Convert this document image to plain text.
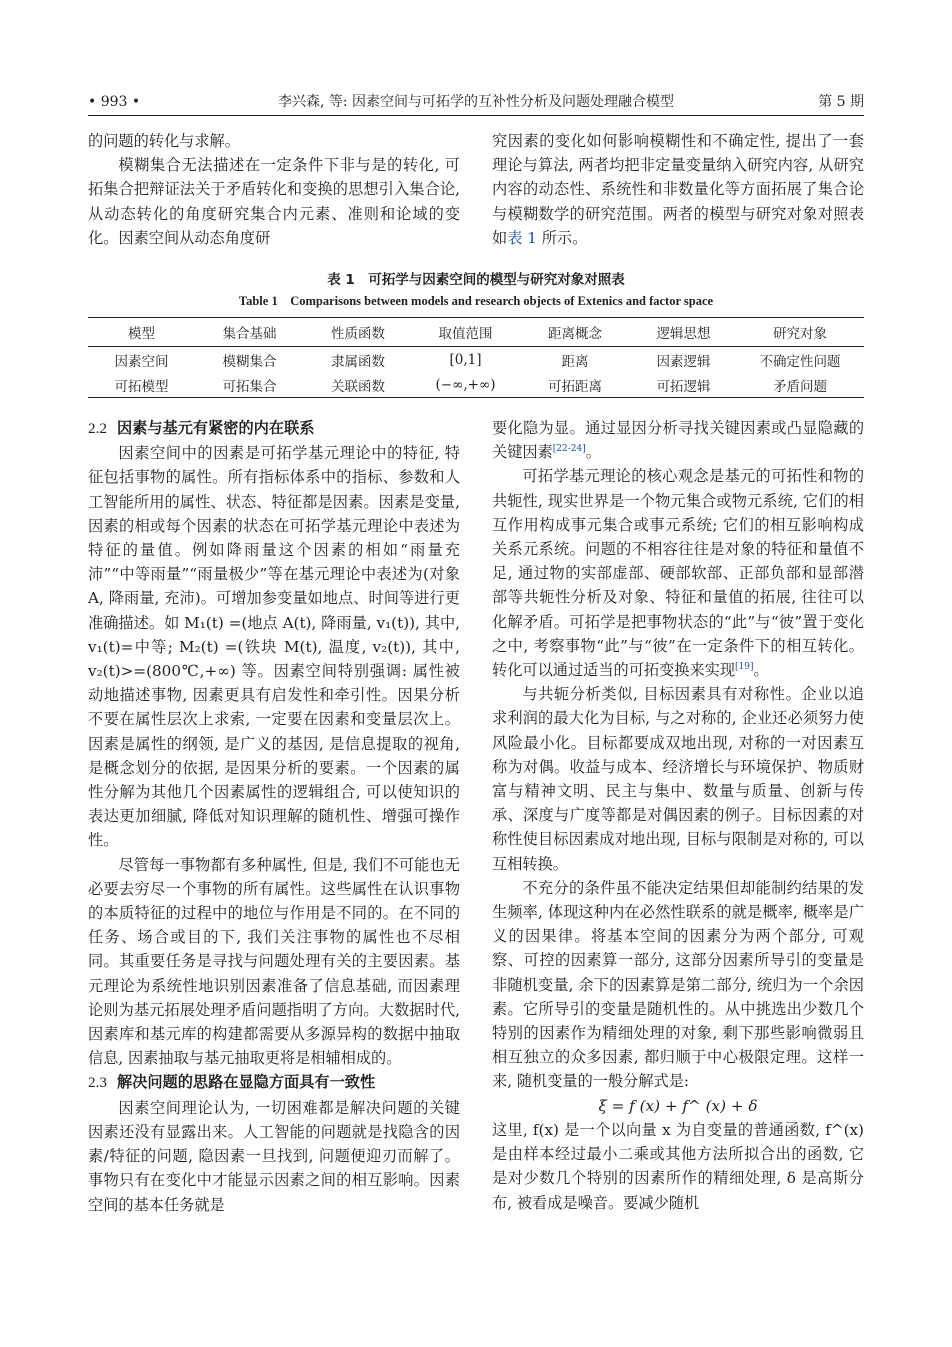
• 993 •	李兴森, 等: 因素空间与可拓学的互补性分析及问题处理融合模型	第 5 期

的问题的转化与求解。

模糊集合无法描述在一定条件下非与是的转化, 可拓集合把辩证法关于矛盾转化和变换的思想引入集合论, 从动态转化的角度研究集合内元素、准则和论域的变化。因素空间从动态角度研

究因素的变化如何影响模糊性和不确定性, 提出了一套理论与算法, 两者均把非定量变量纳入研究内容, 从研究内容的动态性、系统性和非数量化等方面拓展了集合论与模糊数学的研究范围。两者的模型与研究对象对照表如表 1 所示。

表 1　可拓学与因素空间的模型与研究对象对照表
Table 1　Comparisons between models and research objects of Extenics and factor space
模型	集合基础	性质函数	取值范围	距离概念	逻辑思想	研究对象
因素空间	模糊集合	隶属函数	[0,1]	距离	因素逻辑	不确定性问题
可拓模型	可拓集合	关联函数	(−∞,+∞)	可拓距离	可拓逻辑	矛盾问题
2.2 因素与基元有紧密的内在联系

因素空间中的因素是可拓学基元理论中的特征, 特征包括事物的属性。所有指标体系中的指标、参数和人工智能所用的属性、状态、特征都是因素。因素是变量, 因素的相或每个因素的状态在可拓学基元理论中表述为特征的量值。例如降雨量这个因素的相如“雨量充沛”“中等雨量”“雨量极少”等在基元理论中表述为(对象 A, 降雨量, 充沛)。可增加参变量如地点、时间等进行更准确描述。如 M₁(t) =(地点 A(t), 降雨量, v₁(t)), 其中, v₁(t)=中等; M₂(t) =(铁块 M(t), 温度, v₂(t)), 其中, v₂(t)>=(800℃,+∞) 等。因素空间特别强调: 属性被动地描述事物, 因素更具有启发性和牵引性。因果分析不要在属性层次上求索, 一定要在因素和变量层次上。因素是属性的纲领, 是广义的基因, 是信息提取的视角, 是概念划分的依据, 是因果分析的要素。一个因素的属性分解为其他几个因素属性的逻辑组合, 可以使知识的表达更加细腻, 降低对知识理解的随机性、增强可操作性。

尽管每一事物都有多种属性, 但是, 我们不可能也无必要去穷尽一个事物的所有属性。这些属性在认识事物的本质特征的过程中的地位与作用是不同的。在不同的任务、场合或目的下, 我们关注事物的属性也不尽相同。其重要任务是寻找与问题处理有关的主要因素。基元理论为系统性地识别因素准备了信息基础, 而因素理论则为基元拓展处理矛盾问题指明了方向。大数据时代, 因素库和基元库的构建都需要从多源异构的数据中抽取信息, 因素抽取与基元抽取更将是相辅相成的。

2.3 解决问题的思路在显隐方面具有一致性

因素空间理论认为, 一切困难都是解决问题的关键因素还没有显露出来。人工智能的问题就是找隐含的因素/特征的问题, 隐因素一旦找到, 问题便迎刃而解了。事物只有在变化中才能显示因素之间的相互影响。因素空间的基本任务就是

要化隐为显。通过显因分析寻找关键因素或凸显隐藏的关键因素[22-24]。

可拓学基元理论的核心观念是基元的可拓性和物的共轭性, 现实世界是一个物元集合或物元系统, 它们的相互作用构成事元集合或事元系统; 它们的相互影响构成关系元系统。问题的不相容往往是对象的特征和量值不足, 通过物的实部虚部、硬部软部、正部负部和显部潜部等共轭性分析及对象、特征和量值的拓展, 往往可以化解矛盾。可拓学是把事物状态的“此”与“彼”置于变化之中, 考察事物“此”与“彼”在一定条件下的相互转化。转化可以通过适当的可拓变换来实现[19]。

与共轭分析类似, 目标因素具有对称性。企业以追求利润的最大化为目标, 与之对称的, 企业还必须努力使风险最小化。目标都要成双地出现, 对称的一对因素互称为对偶。收益与成本、经济增长与环境保护、物质财富与精神文明、民主与集中、数量与质量、创新与传承、深度与广度等都是对偶因素的例子。目标因素的对称性使目标因素成对地出现, 目标与限制是对称的, 可以互相转换。

不充分的条件虽不能决定结果但却能制约结果的发生频率, 体现这种内在必然性联系的就是概率, 概率是广义的因果律。将基本空间的因素分为两个部分, 可观察、可控的因素算一部分, 这部分因素所导引的变量是非随机变量, 余下的因素算是第二部分, 统归为一个余因素。它所导引的变量是随机性的。从中挑选出少数几个特别的因素作为精细处理的对象, 剩下那些影响微弱且相互独立的众多因素, 都归顺于中心极限定理。这样一来, 随机变量的一般分解式是:

ξ = f (x) + f^ (x) + δ

这里, f(x) 是一个以向量 x 为自变量的普通函数, f^(x) 是由样本经过最小二乘或其他方法所拟合出的函数, 它是对少数几个特别的因素所作的精细处理, δ 是高斯分布, 被看成是噪音。要减少随机
